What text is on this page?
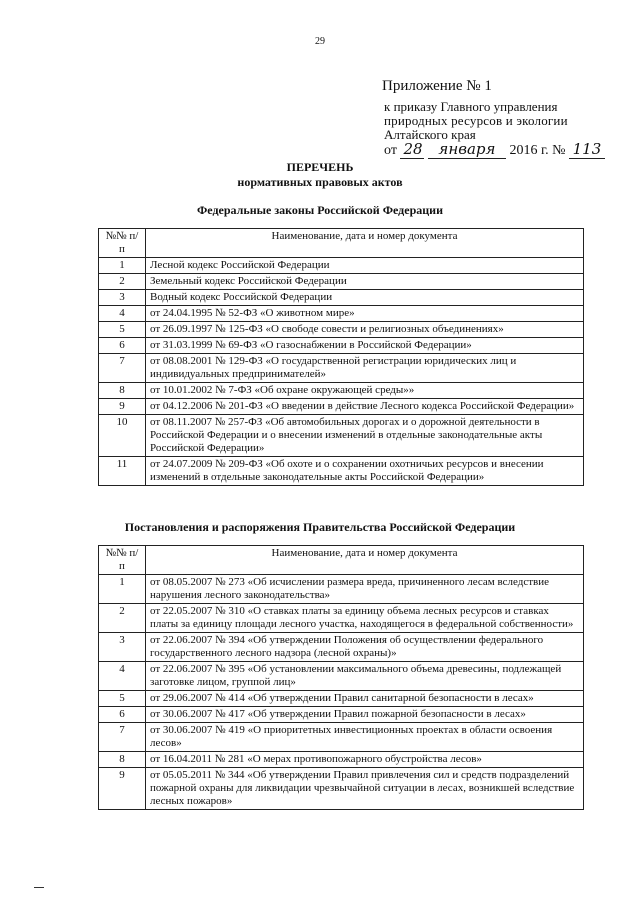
29
Приложение № 1
к приказу Главного управления
природных ресурсов и экологии
Алтайского края
от 28 января 2016 г. № 113
ПЕРЕЧЕНЬ
нормативных правовых актов
Федеральные законы Российской Федерации
№№ п/п	Наименование, дата и номер документа
1	Лесной кодекс Российской Федерации
2	Земельный кодекс Российской Федерации
3	Водный кодекс Российской Федерации
4	от 24.04.1995 № 52-ФЗ «О животном мире»
5	от 26.09.1997 № 125-ФЗ «О свободе совести и религиозных объединениях»
6	от 31.03.1999 № 69-ФЗ «О газоснабжении в Российской Федерации»
7	от 08.08.2001 № 129-ФЗ «О государственной регистрации юридических лиц и индивидуальных предпринимателей»
8	от 10.01.2002 № 7-ФЗ «Об охране окружающей среды»»
9	от 04.12.2006 № 201-ФЗ «О введении в действие Лесного кодекса Российской Федерации»
10	от 08.11.2007 № 257-ФЗ «Об автомобильных дорогах и о дорожной деятельности в Российской Федерации и о внесении изменений в отдельные законодательные акты Российской Федерации»
11	от 24.07.2009 № 209-ФЗ «Об охоте и о сохранении охотничьих ресурсов и внесении изменений в отдельные законодательные акты Российской Федерации»
Постановления и распоряжения Правительства Российской Федерации
№№ п/п	Наименование, дата и номер документа
1	от 08.05.2007 № 273 «Об исчислении размера вреда, причиненного лесам вследствие нарушения лесного законодательства»
2	от 22.05.2007 № 310 «О ставках платы за единицу объема лесных ресурсов и ставках платы за единицу площади лесного участка, находящегося в федеральной собственности»
3	от 22.06.2007 № 394 «Об утверждении Положения об осуществлении федерального государственного лесного надзора (лесной охраны)»
4	от 22.06.2007 № 395 «Об установлении максимального объема древесины, подлежащей заготовке лицом, группой лиц»
5	от 29.06.2007 № 414 «Об утверждении Правил санитарной безопасности в лесах»
6	от 30.06.2007 № 417 «Об утверждении Правил пожарной безопасности в лесах»
7	от 30.06.2007 № 419 «О приоритетных инвестиционных проектах в области освоения лесов»
8	от 16.04.2011 № 281 «О мерах противопожарного обустройства лесов»
9	от 05.05.2011 № 344 «Об утверждении Правил привлечения сил и средств подразделений пожарной охраны для ликвидации чрезвычайной ситуации в лесах, возникшей вследствие лесных пожаров»
